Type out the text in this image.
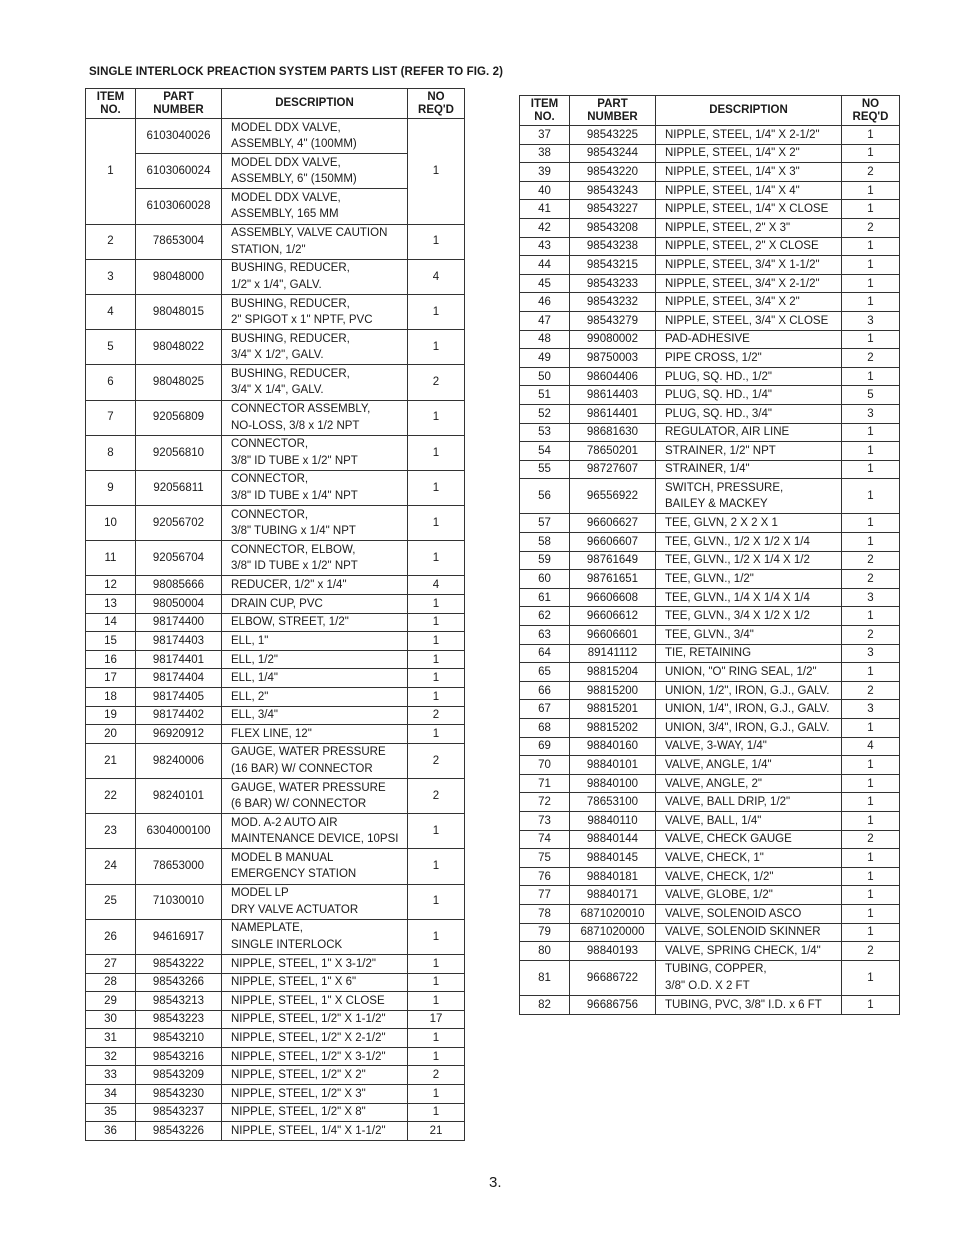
SINGLE INTERLOCK PREACTION SYSTEM PARTS LIST (REFER TO FIG. 2)
ITEM NO.	PART NUMBER	DESCRIPTION	NO REQ'D
1	6103040026	MODEL DDX VALVE,
ASSEMBLY, 4" (100MM)	1
	6103060024	MODEL DDX VALVE,
ASSEMBLY, 6" (150MM)	
	6103060028	MODEL DDX VALVE,
ASSEMBLY, 165 MM	
2	78653004	ASSEMBLY, VALVE CAUTION
STATION, 1/2"	1
3	98048000	BUSHING, REDUCER,
1/2" x 1/4", GALV.	4
4	98048015	BUSHING, REDUCER,
2" SPIGOT x 1" NPTF, PVC	1
5	98048022	BUSHING, REDUCER,
3/4" X 1/2", GALV.	1
6	98048025	BUSHING, REDUCER,
3/4" X 1/4", GALV.	2
7	92056809	CONNECTOR ASSEMBLY,
NO-LOSS, 3/8 x 1/2 NPT	1
8	92056810	CONNECTOR,
3/8" ID TUBE x 1/2" NPT	1
9	92056811	CONNECTOR,
3/8" ID TUBE x 1/4" NPT	1
10	92056702	CONNECTOR,
3/8" TUBING x 1/4" NPT	1
11	92056704	CONNECTOR, ELBOW,
3/8" ID TUBE x 1/2" NPT	1
12	98085666	REDUCER, 1/2" x 1/4"	4
13	98050004	DRAIN CUP, PVC	1
14	98174400	ELBOW, STREET, 1/2"	1
15	98174403	ELL, 1"	1
16	98174401	ELL, 1/2"	1
17	98174404	ELL, 1/4"	1
18	98174405	ELL, 2"	1
19	98174402	ELL, 3/4"	2
20	96920912	FLEX LINE, 12"	1
21	98240006	GAUGE, WATER PRESSURE
(16 BAR) W/ CONNECTOR	2
22	98240101	GAUGE, WATER PRESSURE
(6 BAR) W/ CONNECTOR	2
23	6304000100	MOD. A-2 AUTO AIR
MAINTENANCE DEVICE, 10PSI	1
24	78653000	MODEL B MANUAL
EMERGENCY STATION	1
25	71030010	MODEL LP
DRY VALVE ACTUATOR	1
26	94616917	NAMEPLATE,
SINGLE INTERLOCK	1
27	98543222	NIPPLE, STEEL, 1" X 3-1/2"	1
28	98543266	NIPPLE, STEEL, 1" X 6"	1
29	98543213	NIPPLE, STEEL, 1" X CLOSE	1
30	98543223	NIPPLE, STEEL, 1/2" X 1-1/2"	17
31	98543210	NIPPLE, STEEL, 1/2" X 2-1/2"	1
32	98543216	NIPPLE, STEEL, 1/2" X 3-1/2"	1
33	98543209	NIPPLE, STEEL, 1/2" X 2"	2
34	98543230	NIPPLE, STEEL, 1/2" X 3"	1
35	98543237	NIPPLE, STEEL, 1/2" X 8"	1
36	98543226	NIPPLE, STEEL, 1/4" X 1-1/2"	21
ITEM NO.	PART NUMBER	DESCRIPTION	NO REQ'D
37	98543225	NIPPLE, STEEL, 1/4" X 2-1/2"	1
38	98543244	NIPPLE, STEEL, 1/4" X 2"	1
39	98543220	NIPPLE, STEEL, 1/4" X 3"	2
40	98543243	NIPPLE, STEEL, 1/4" X 4"	1
41	98543227	NIPPLE, STEEL, 1/4" X CLOSE	1
42	98543208	NIPPLE, STEEL, 2" X 3"	2
43	98543238	NIPPLE, STEEL, 2" X CLOSE	1
44	98543215	NIPPLE, STEEL, 3/4" X 1-1/2"	1
45	98543233	NIPPLE, STEEL, 3/4" X 2-1/2"	1
46	98543232	NIPPLE, STEEL, 3/4" X 2"	1
47	98543279	NIPPLE, STEEL, 3/4" X CLOSE	3
48	99080002	PAD-ADHESIVE	1
49	98750003	PIPE CROSS, 1/2"	2
50	98604406	PLUG, SQ. HD., 1/2"	1
51	98614403	PLUG, SQ. HD., 1/4"	5
52	98614401	PLUG, SQ. HD., 3/4"	3
53	98681630	REGULATOR, AIR LINE	1
54	78650201	STRAINER, 1/2" NPT	1
55	98727607	STRAINER, 1/4"	1
56	96556922	SWITCH, PRESSURE,
BAILEY & MACKEY	1
57	96606627	TEE, GLVN, 2 X 2 X 1	1
58	96606607	TEE, GLVN., 1/2 X 1/2 X 1/4	1
59	98761649	TEE, GLVN., 1/2 X 1/4 X 1/2	2
60	98761651	TEE, GLVN., 1/2"	2
61	96606608	TEE, GLVN., 1/4 X 1/4 X 1/4	3
62	96606612	TEE, GLVN., 3/4 X 1/2 X 1/2	1
63	96606601	TEE, GLVN., 3/4"	2
64	89141112	TIE, RETAINING	3
65	98815204	UNION, "O" RING SEAL, 1/2"	1
66	98815200	UNION, 1/2", IRON, G.J., GALV.	2
67	98815201	UNION, 1/4", IRON, G.J., GALV.	3
68	98815202	UNION, 3/4", IRON, G.J., GALV.	1
69	98840160	VALVE, 3-WAY, 1/4"	4
70	98840101	VALVE, ANGLE, 1/4"	1
71	98840100	VALVE, ANGLE, 2"	1
72	78653100	VALVE, BALL DRIP, 1/2"	1
73	98840110	VALVE, BALL, 1/4"	1
74	98840144	VALVE, CHECK GAUGE	2
75	98840145	VALVE, CHECK, 1"	1
76	98840181	VALVE, CHECK, 1/2"	1
77	98840171	VALVE, GLOBE, 1/2"	1
78	6871020010	VALVE, SOLENOID ASCO	1
79	6871020000	VALVE, SOLENOID SKINNER	1
80	98840193	VALVE, SPRING CHECK, 1/4"	2
81	96686722	TUBING, COPPER,
3/8" O.D. X 2 FT	1
82	96686756	TUBING, PVC, 3/8" I.D. x 6 FT	1
3.
